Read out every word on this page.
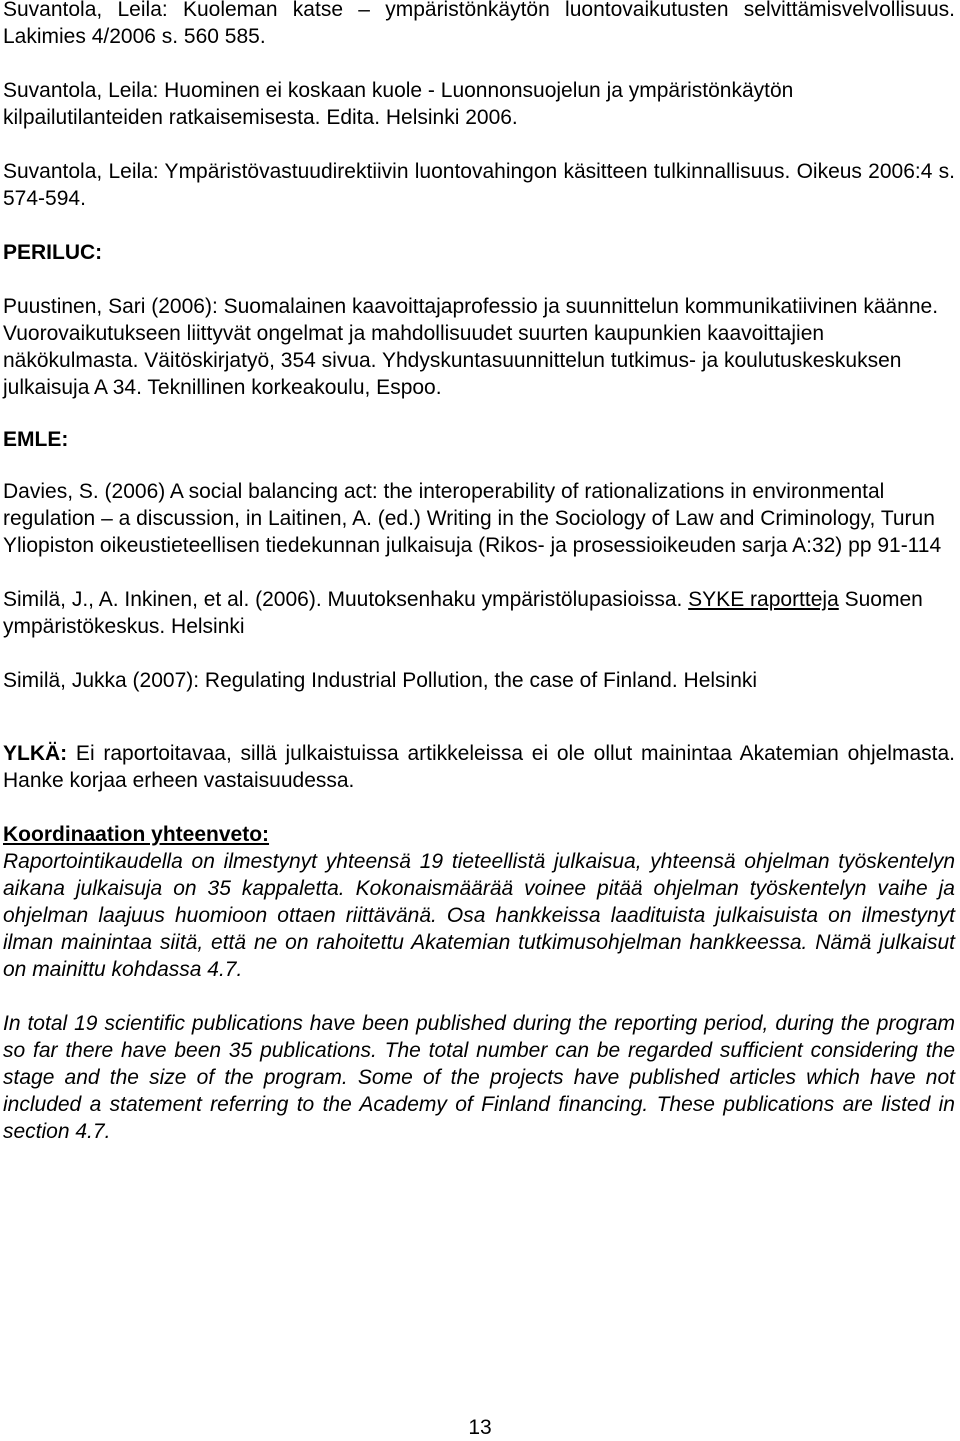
Suvantola, Leila: Kuoleman katse – ympäristönkäytön luontovaikutusten selvittämisvelvollisuus. Lakimies 4/2006 s. 560 585.

Suvantola, Leila: Huominen ei koskaan kuole - Luonnonsuojelun ja ympäristönkäytön kilpailutilanteiden ratkaisemisesta. Edita. Helsinki 2006.

Suvantola, Leila: Ympäristövastuudirektiivin luontovahingon käsitteen tulkinnallisuus. Oikeus 2006:4 s. 574-594.

PERILUC:

Puustinen, Sari (2006): Suomalainen kaavoittajaprofessio ja suunnittelun kommunikatiivinen käänne. Vuorovaikutukseen liittyvät ongelmat ja mahdollisuudet suurten kaupunkien kaavoittajien näkökulmasta. Väitöskirjatyö, 354 sivua. Yhdyskuntasuunnittelun tutkimus- ja koulutuskeskuksen julkaisuja A 34. Teknillinen korkeakoulu, Espoo.

EMLE:

Davies, S. (2006) A social balancing act: the interoperability of rationalizations in environmental regulation – a discussion, in Laitinen, A. (ed.) Writing in the Sociology of Law and Criminology, Turun Yliopiston oikeustieteellisen tiedekunnan julkaisuja (Rikos- ja prosessioikeuden sarja A:32) pp 91-114

Similä, J., A. Inkinen, et al. (2006). Muutoksenhaku ympäristölupasioissa. SYKE raportteja Suomen ympäristökeskus. Helsinki

Similä, Jukka (2007): Regulating Industrial Pollution, the case of Finland. Helsinki

YLKÄ: Ei raportoitavaa, sillä julkaistuissa artikkeleissa ei ole ollut mainintaa Akatemian ohjelmasta. Hanke korjaa erheen vastaisuudessa.

Koordinaation yhteenveto:

Raportointikaudella on ilmestynyt yhteensä 19 tieteellistä julkaisua, yhteensä ohjelman työskentelyn aikana julkaisuja on 35 kappaletta. Kokonaismäärää voinee pitää ohjelman työskentelyn vaihe ja ohjelman laajuus huomioon ottaen riittävänä. Osa hankkeissa laadituista julkaisuista on ilmestynyt ilman mainintaa siitä, että ne on rahoitettu Akatemian tutkimusohjelman hankkeessa. Nämä julkaisut on mainittu kohdassa 4.7.

In total 19 scientific publications have been published during the reporting period, during the program so far there have been 35 publications. The total number can be regarded sufficient considering the stage and the size of the program. Some of the projects have published articles which have not included a statement referring to the Academy of Finland financing. These publications are listed in section 4.7.

13
